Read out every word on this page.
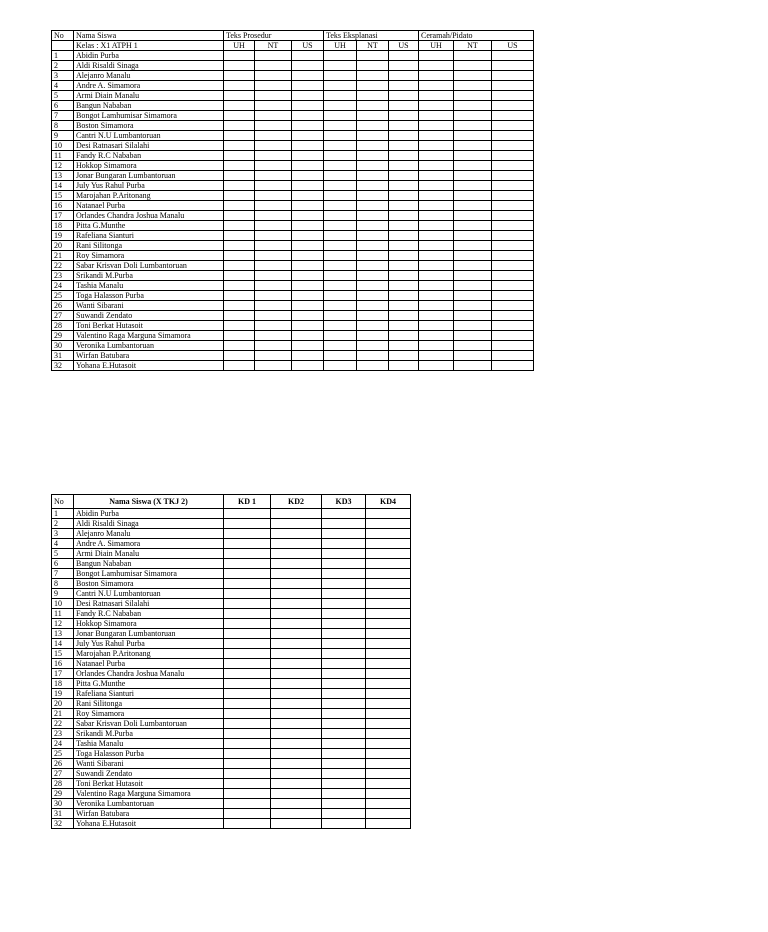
No	Nama Siswa	Teks Prosedur			Teks Eksplanasi			Ceramah/Pidato		
	Kelas : X1 ATPH 1	UH	NT	US	UH	NT	US	UH	NT	US
1	Abidin Purba									
2	Aldi Risaldi Sinaga									
3	Alejanro Manalu									
4	Andre A. Simamora									
5	Armi Diain Manalu									
6	Bangun Nababan									
7	Bongot Lamhumisar Simamora									
8	Boston Simamora									
9	Cantri N.U Lumbantoruan									
10	Desi Ratnasari Silalahi									
11	Fandy R.C Nababan									
12	Hokkop Simamora									
13	Jonar Bungaran Lumbantoruan									
14	July Yus Rahul Purba									
15	Marojahan P.Aritonang									
16	Natanael Purba									
17	Orlandes Chandra Joshua Manalu									
18	Pitta G.Munthe									
19	Rafeliana Sianturi									
20	Rani Silitonga									
21	Roy Simamora									
22	Sabar Krisvan Doli Lumbantoruan									
23	Srikandi M.Purba									
24	Tashia Manalu									
25	Toga Halasson Purba									
26	Wanti Sibarani									
27	Suwandi Zendato									
28	Toni Berkat Hutasoit									
29	Valentino Raga Marguna Simamora									
30	Veronika Lumbantoruan									
31	Wirfan Batubara									
32	Yohana E.Hutasoit									
No	Nama Siswa (X TKJ 2)	KD 1	KD2	KD3	KD4
1	Abidin Purba				
2	Aldi Risaldi Sinaga				
3	Alejanro Manalu				
4	Andre A. Simamora				
5	Armi Diain Manalu				
6	Bangun Nababan				
7	Bongot Lamhumisar Simamora				
8	Boston Simamora				
9	Cantri N.U Lumbantoruan				
10	Desi Ratnasari Silalahi				
11	Fandy R.C Nababan				
12	Hokkop Simamora				
13	Jonar Bungaran Lumbantoruan				
14	July Yus Rahul Purba				
15	Marojahan P.Aritonang				
16	Natanael Purba				
17	Orlandes Chandra Joshua Manalu				
18	Pitta G.Munthe				
19	Rafeliana Sianturi				
20	Rani Silitonga				
21	Roy Simamora				
22	Sabar Krisvan Doli Lumbantoruan				
23	Srikandi M.Purba				
24	Tashia Manalu				
25	Toga Halasson Purba				
26	Wanti Sibarani				
27	Suwandi Zendato				
28	Toni Berkat Hutasoit				
29	Valentino Raga Marguna Simamora				
30	Veronika Lumbantoruan				
31	Wirfan Batubara				
32	Yohana E.Hutasoit				
